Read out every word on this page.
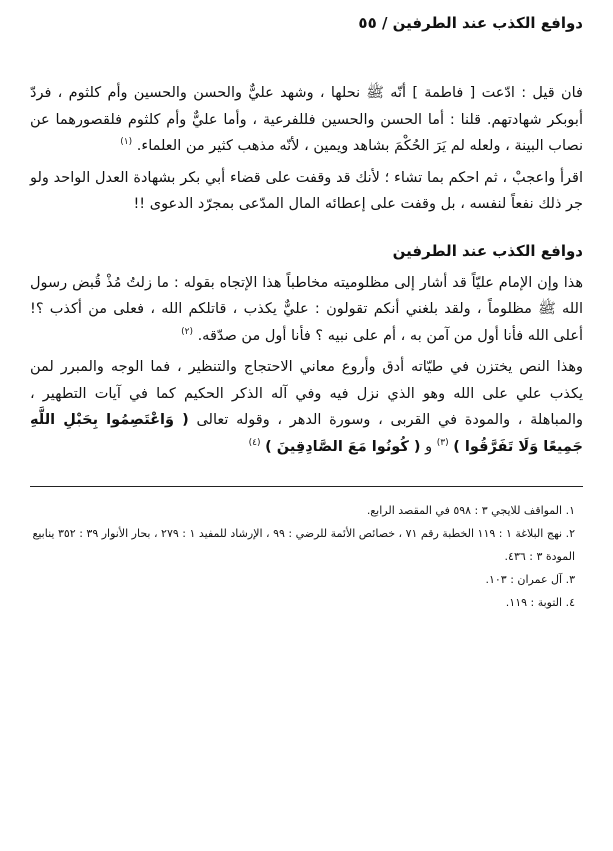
دوافع الكذب عند الطرفين / ٥٥

فان قيل : ادّعت [ فاطمة ] أنّه ﷺ نحلها ، وشهد عليٌّ والحسن والحسين وأم كلثوم ، فردّ أبوبكر شهادتهم. قلنا : أما الحسن والحسين فللفرعية ، وأما عليٌّ وأم كلثوم فلقصورهما عن نصاب البينة ، ولعله لم يَرَ الحُكْمَ بشاهد ويمين ، لأنّه مذهب كثير من العلماء. $^{(١)}$

اقرأ واعجبْ ، ثم احكم بما تشاء ؛ لأنك قد وقفت على قضاء أبي بكر بشهادة العدل الواحد ولو جر ذلك نفعاً لنفسه ، بل وقفت على إعطائه المال المدّعى بمجرّد الدعوى !!

دوافع الكذب عند الطرفين

هذا وإن الإمام عليّاً قد أشار إلى مظلوميته مخاطباً هذا الإتجاه بقوله : ما زلتُ مُذْ قُبض رسول الله ﷺ مظلوماً ، ولقد بلغني أنكم تقولون : عليٌّ يكذب ، قاتلكم الله ، فعلى من أكذب ؟! أعلى الله فأنا أول من آمن به ، أم على نبيه ؟ فأنا أول من صدّقه. $^{(٢)}$

وهذا النص يختزن في طيّاته أدق وأروع معاني الاحتجاج والتنظير ، فما الوجه والمبرر لمن يكذب علي على الله وهو الذي نزل فيه وفي آله الذكر الحكيم كما في آيات التطهير ، والمباهلة ، والمودة في القربى ، وسورة الدهر ، وقوله تعالى ( وَاعْتَصِمُوا بِحَبْلِ اللَّهِ جَمِيعًا وَلَا تَفَرَّقُوا ) $^{(٣)}$ و ( كُونُوا مَعَ الصَّادِقِينَ ) $^{(٤)}$

١. المواقف للايجي ٣ : ٥٩٨ في المقصد الرابع.

٢. نهج البلاغة ١ : ١١٩ الخطبة رقم ٧١ ، خصائص الأئمة للرضي : ٩٩ ، الإرشاد للمفيد ١ : ٢٧٩ ، بحار الأنوار ٣٩ : ٣٥٢ ينابيع المودة ٣ : ٤٣٦.

٣. آل عمران : ١٠٣.

٤. التوبة : ١١٩.
